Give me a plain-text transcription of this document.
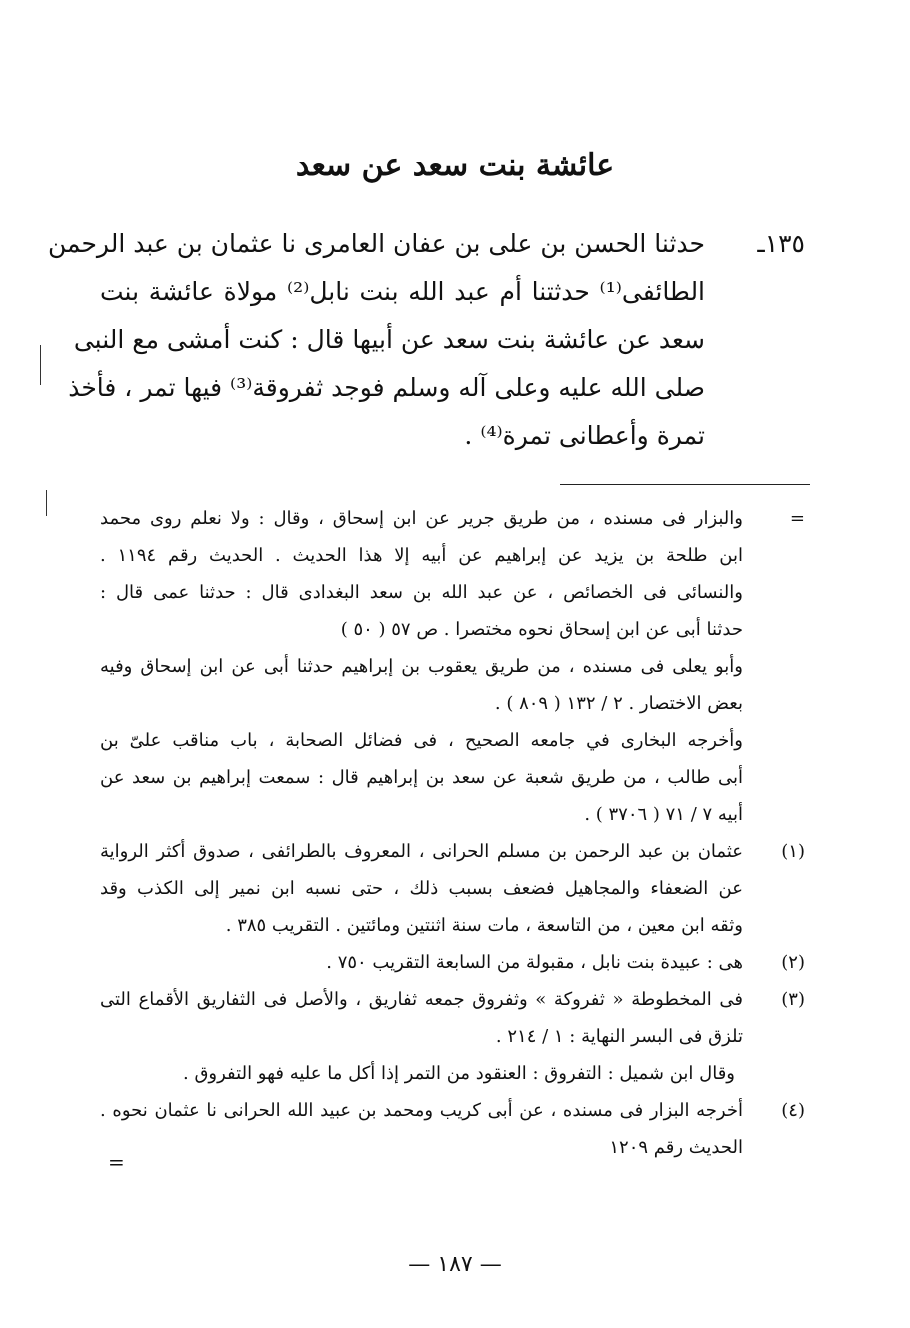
عائشة بنت سعد عن سعد
١٣٥ـ
حدثنا الحسن بن على بن عفان العامرى نا عثمان بن عبد الرحمن
الطائفى⁽¹⁾ حدثتنا أم عبد الله بنت نابل⁽²⁾ مولاة عائشة بنت
سعد عن عائشة بنت سعد عن أبيها قال : كنت أمشى مع النبى
صلى الله عليه وعلى آله وسلم فوجد ثفروقة⁽³⁾ فيها تمر ، فأخذ
تمرة وأعطانى تمرة⁽⁴⁾ .
=
والبزار فى مسنده ، من طريق جرير عن ابن إسحاق ، وقال : ولا نعلم روى محمد
ابن طلحة بن يزيد عن إبراهيم عن أبيه إلا هذا الحديث . الحديث رقم ١١٩٤ .
والنسائى فى الخصائص ، عن عبد الله بن سعد البغدادى قال : حدثنا عمى قال :
حدثنا أبى عن ابن إسحاق نحوه مختصرا . ص ٥٧ ( ٥٠ )
وأبو يعلى فى مسنده ، من طريق يعقوب بن إبراهيم حدثنا أبى عن ابن إسحاق وفيه
بعض الاختصار . ٢ / ١٣٢ ( ٨٠٩ ) .
وأخرجه البخارى في جامعه الصحيح ، فى فضائل الصحابة ، باب مناقب علىّ بن
أبى طالب ، من طريق شعبة عن سعد بن إبراهيم قال : سمعت إبراهيم بن سعد عن
أبيه ٧ / ٧١ ( ٣٧٠٦ ) .
(١)
عثمان بن عبد الرحمن بن مسلم الحرانى ، المعروف بالطرائفى ، صدوق أكثر الرواية
عن الضعفاء والمجاهيل فضعف بسبب ذلك ، حتى نسبه ابن نمير إلى الكذب وقد
وثقه ابن معين ، من التاسعة ، مات سنة اثنتين ومائتين . التقريب ٣٨٥ .
(٢)
هى : عبيدة بنت نابل ، مقبولة من السابعة التقريب ٧٥٠ .
(٣)
فى المخطوطة « ثفروكة » وثفروق جمعه ثفاريق ، والأصل فى الثفاريق الأقماع التى
تلزق فى البسر النهاية : ١ / ٢١٤ .
وقال ابن شميل : التفروق : العنقود من التمر إذا أكل ما عليه فهو التفروق .
(٤)
أخرجه البزار فى مسنده ، عن أبى كريب ومحمد بن عبيد الله الحرانى نا عثمان نحوه .
الحديث رقم ١٢٠٩
=
— ١٨٧ —
